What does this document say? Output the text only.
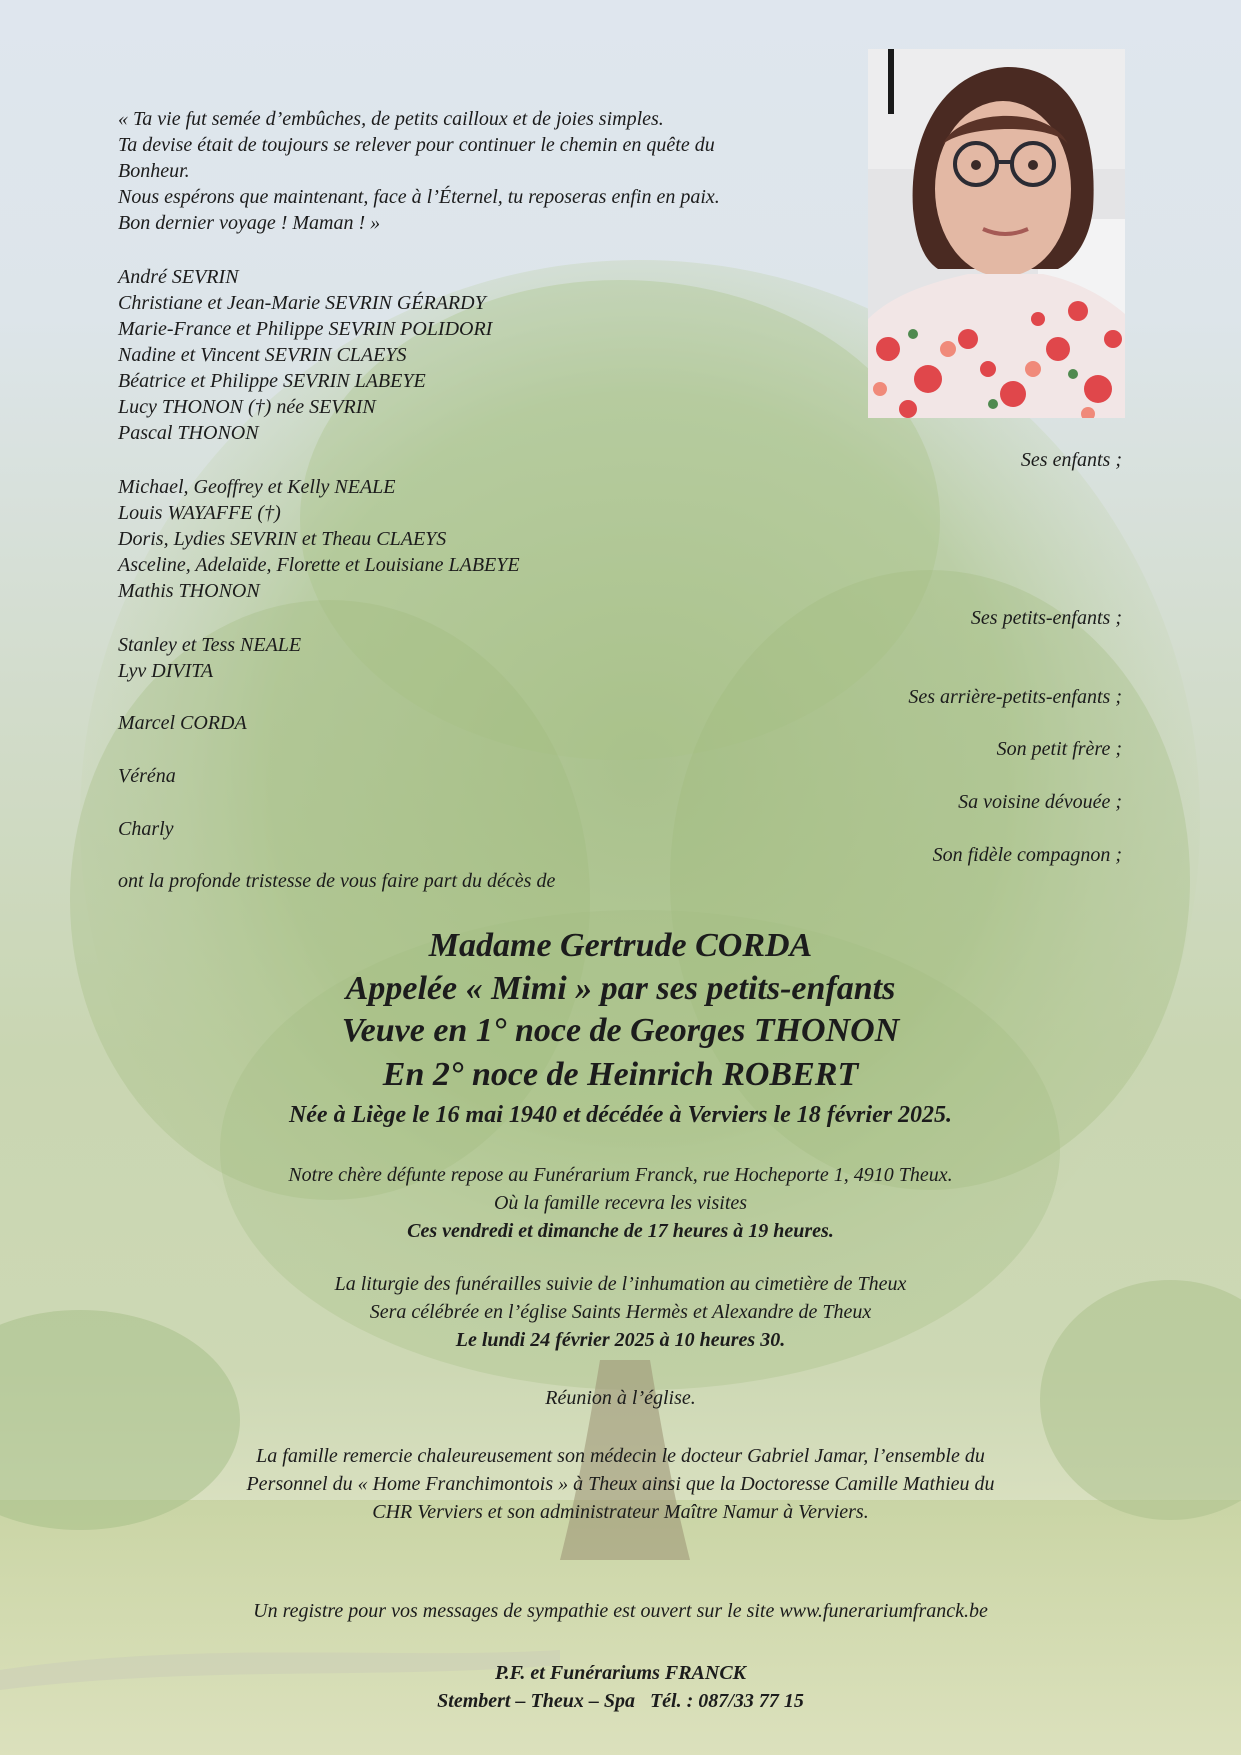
« Ta vie fut semée d’embûches, de petits cailloux et de joies simples.
Ta devise était de toujours se relever pour continuer le chemin en quête du
Bonheur.
Nous espérons que maintenant, face à l’Éternel, tu reposeras enfin en paix.
Bon dernier voyage ! Maman ! »
André SEVRIN
Christiane et Jean-Marie SEVRIN GÉRARDY
Marie-France et Philippe SEVRIN POLIDORI
Nadine et Vincent SEVRIN CLAEYS
Béatrice et Philippe SEVRIN LABEYE
Lucy THONON (†) née SEVRIN
Pascal THONON
Ses enfants ;
Michael, Geoffrey et Kelly NEALE
Louis WAYAFFE (†)
Doris, Lydies SEVRIN et Theau CLAEYS
Asceline, Adelaïde, Florette et Louisiane LABEYE
Mathis THONON
Ses petits-enfants ;
Stanley et Tess NEALE
Lyv DIVITA
Ses arrière-petits-enfants ;
Marcel CORDA
Son petit frère ;
Véréna
Sa voisine dévouée ;
Charly
Son fidèle compagnon ;
ont la profonde tristesse de vous faire part du décès de
Madame Gertrude CORDA
Appelée « Mimi » par ses petits-enfants
Veuve en 1° noce de Georges THONON
En 2° noce de Heinrich ROBERT
Née à Liège le 16 mai 1940 et décédée à Verviers le 18 février 2025.
Notre chère défunte repose au Funérarium Franck, rue Hocheporte 1, 4910 Theux.
Où la famille recevra les visites
Ces vendredi et dimanche de 17 heures à 19 heures.
La liturgie des funérailles suivie de l’inhumation au cimetière de Theux
Sera célébrée en l’église Saints Hermès et Alexandre de Theux
Le lundi 24 février 2025 à 10 heures 30.
Réunion à l’église.
La famille remercie chaleureusement son médecin le docteur Gabriel Jamar, l’ensemble du
Personnel du « Home Franchimontois » à Theux ainsi que la Doctoresse Camille Mathieu du
CHR Verviers et son administrateur Maître Namur à Verviers.
Un registre pour vos messages de sympathie est ouvert sur le site www.funerariumfranck.be
P.F. et Funérariums FRANCK
Stembert – Theux – Spa   Tél. : 087/33 77 15
